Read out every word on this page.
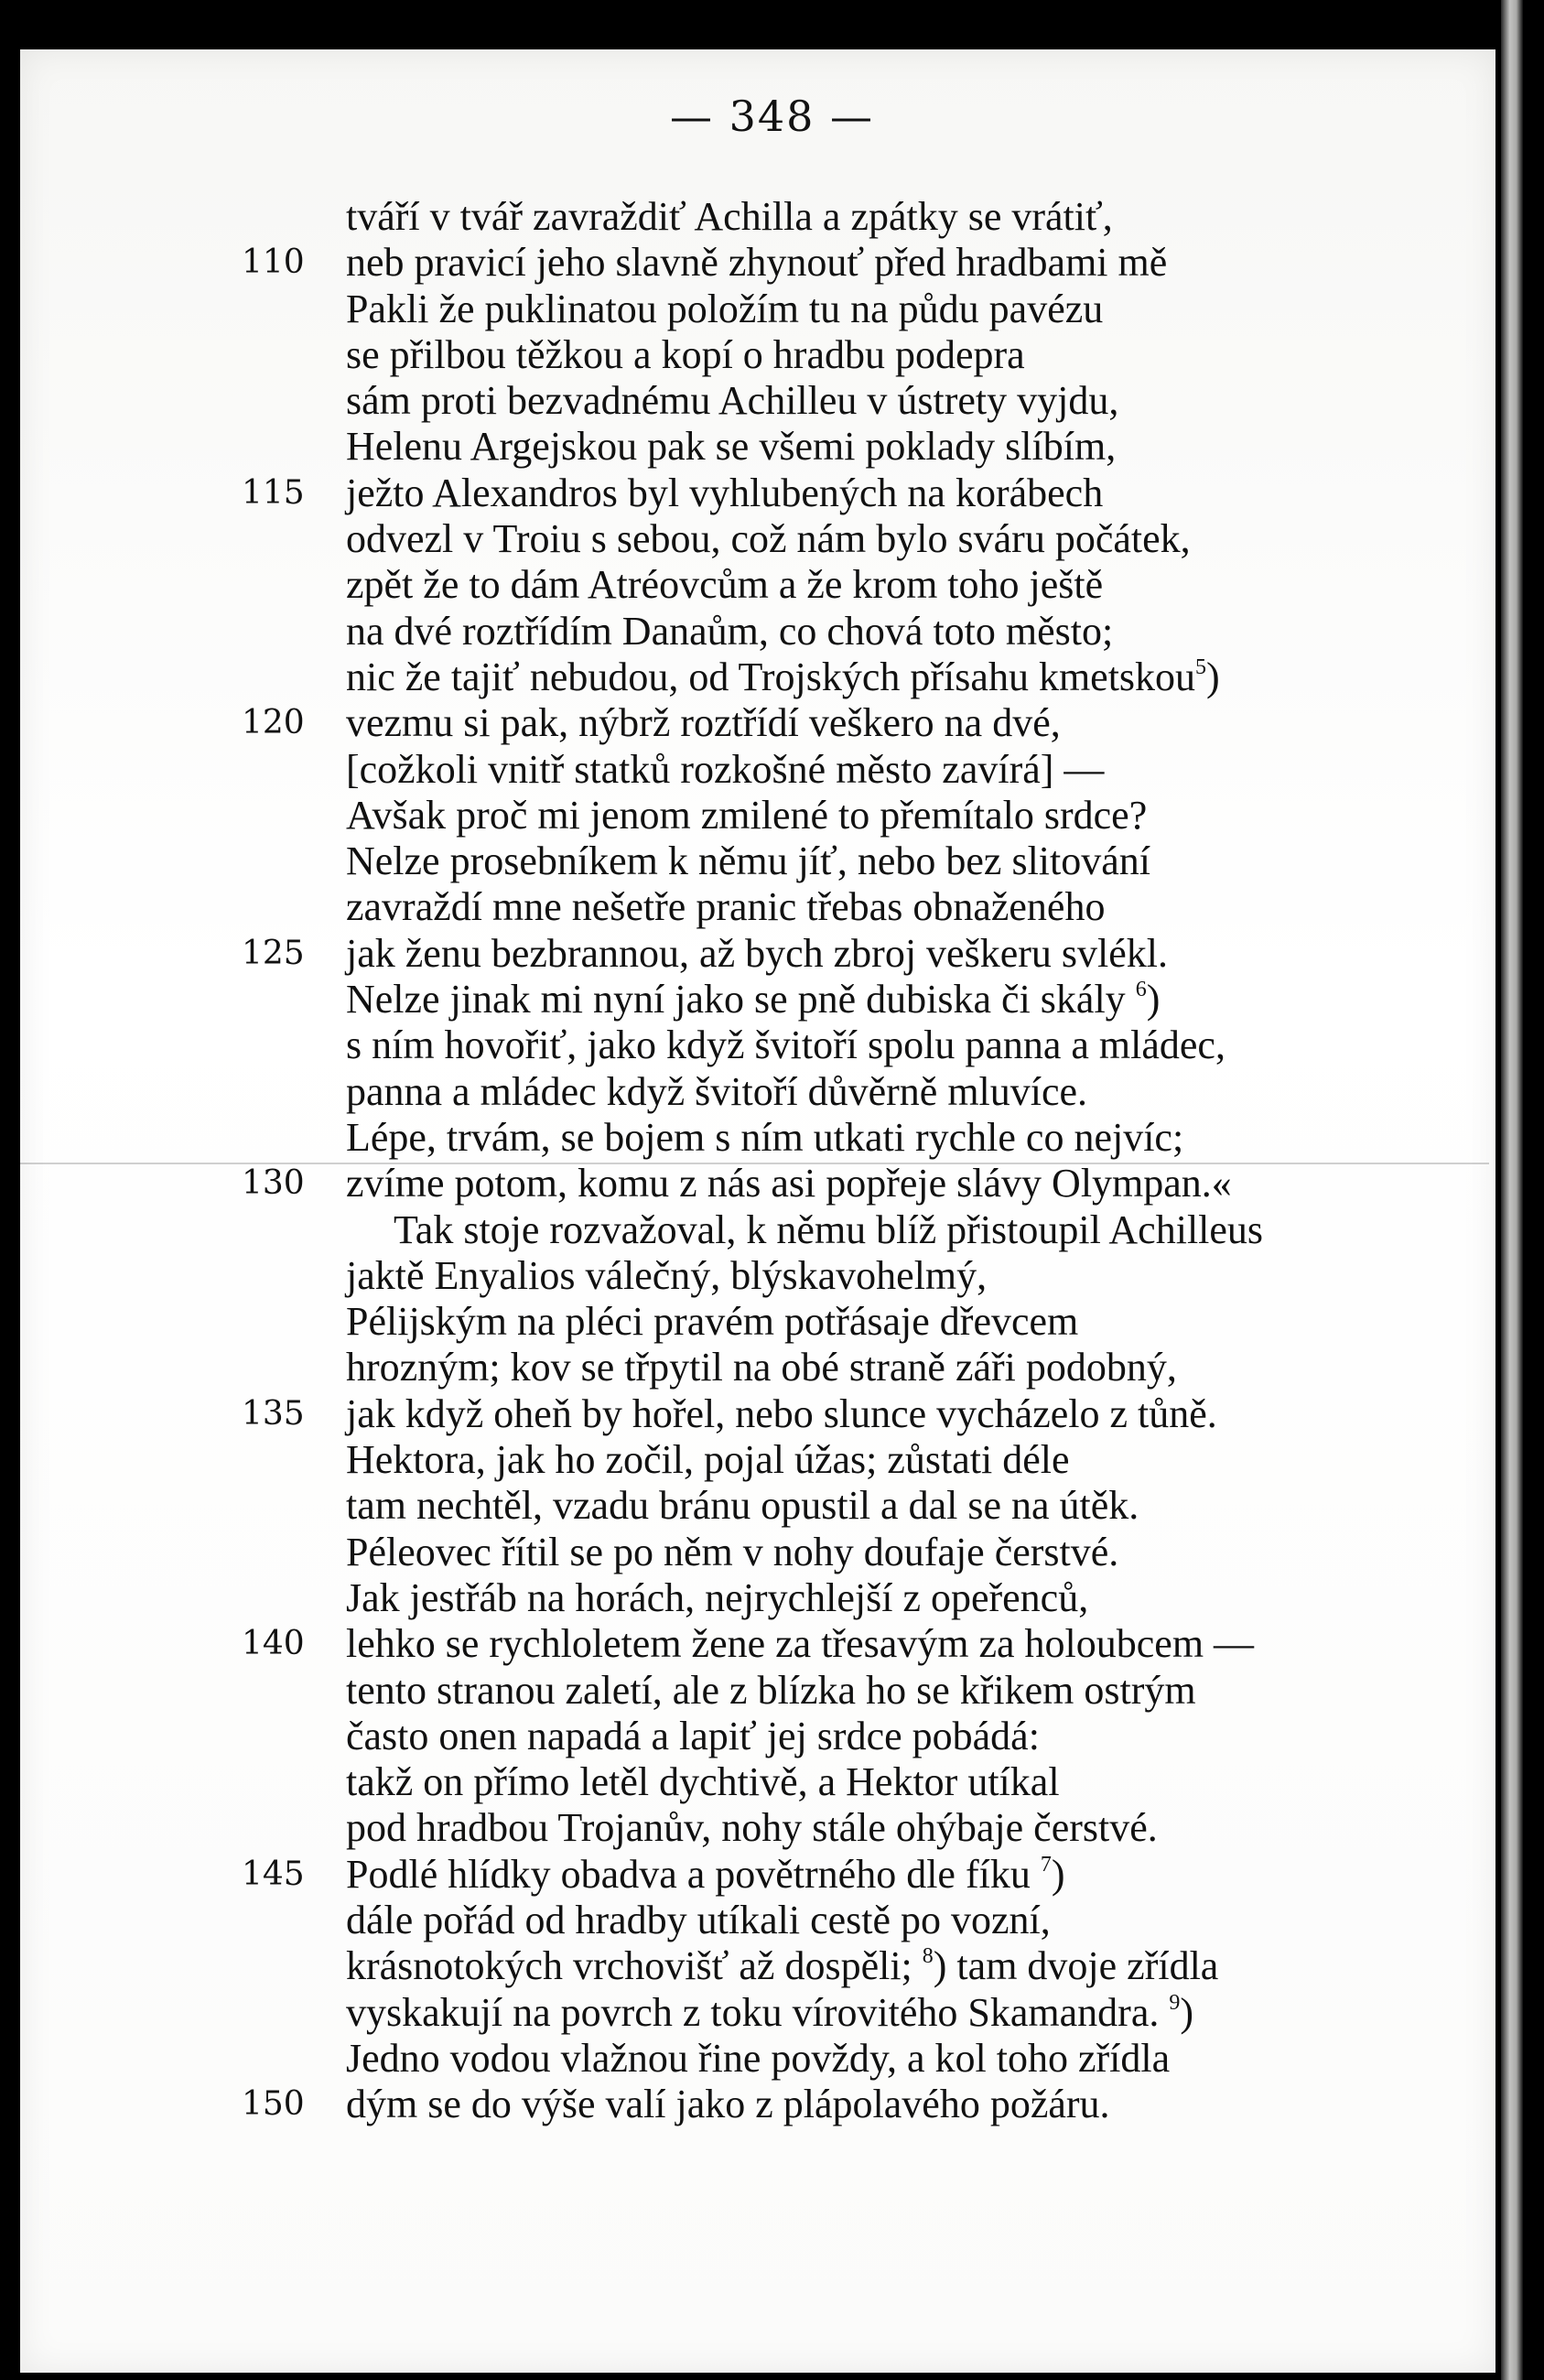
— 348 —
tváří v tvář zavraždiť Achilla a zpátky se vrátiť,
110	neb pravicí jeho slavně zhynouť před hradbami mě
Pakli že puklinatou položím tu na půdu pavézu
se přilbou těžkou a kopí o hradbu podepra
sám proti bezvadnému Achilleu v ústrety vyjdu,
Helenu Argejskou pak se všemi poklady slíbím,
115	ježto Alexandros byl vyhlubených na korábech
odvezl v Troiu s sebou, což nám bylo sváru počátek,
zpět že to dám Atréovcům a že krom toho ještě
na dvé roztřídím Danaům, co chová toto město;
nic že tajiť nebudou, od Trojských přísahu kmetskou$^5$)
120	vezmu si pak, nýbrž roztřídí veškero na dvé,
[cožkoli vnitř statků rozkošné město zavírá] —
Avšak proč mi jenom zmilené to přemítalo srdce?
Nelze prosebníkem k němu jíť, nebo bez slitování
zavraždí mne nešetře pranic třebas obnaženého
125	jak ženu bezbrannou, až bych zbroj veškeru svlékl.
Nelze jinak mi nyní jako se pně dubiska či skály $^6$)
s ním hovořiť, jako když švitoří spolu panna a mládec,
panna a mládec když švitoří důvěrně mluvíce.
Lépe, trvám, se bojem s ním utkati rychle co nejvíc;
130	zvíme potom, komu z nás asi popřeje slávy Olympan.«
Tak stoje rozvažoval, k němu blíž přistoupil Achilleus
jaktě Enyalios válečný, blýskavohelmý,
Pélijským na pléci pravém potřásaje dřevcem
hrozným; kov se třpytil na obé straně záři podobný,
135	jak když oheň by hořel, nebo slunce vycházelo z tůně.
Hektora, jak ho zočil, pojal úžas; zůstati déle
tam nechtěl, vzadu bránu opustil a dal se na útěk.
Péleovec řítil se po něm v nohy doufaje čerstvé.
Jak jestřáb na horách, nejrychlejší z opeřenců,
140	lehko se rychloletem žene za třesavým za holoubcem —
tento stranou zaletí, ale z blízka ho se křikem ostrým
často onen napadá a lapiť jej srdce pobádá:
takž on přímo letěl dychtivě, a Hektor utíkal
pod hradbou Trojanův, nohy stále ohýbaje čerstvé.
145	Podlé hlídky obadva a povětrného dle fíku $^7$)
dále pořád od hradby utíkali cestě po vozní,
krásnotokých vrchovišť až dospěli; $^8$) tam dvoje zřídla
vyskakují na povrch z toku vírovitého Skamandra. $^9$)
Jedno vodou vlažnou řine povždy, a kol toho zřídla
150	dým se do výše valí jako z plápolavého požáru.
